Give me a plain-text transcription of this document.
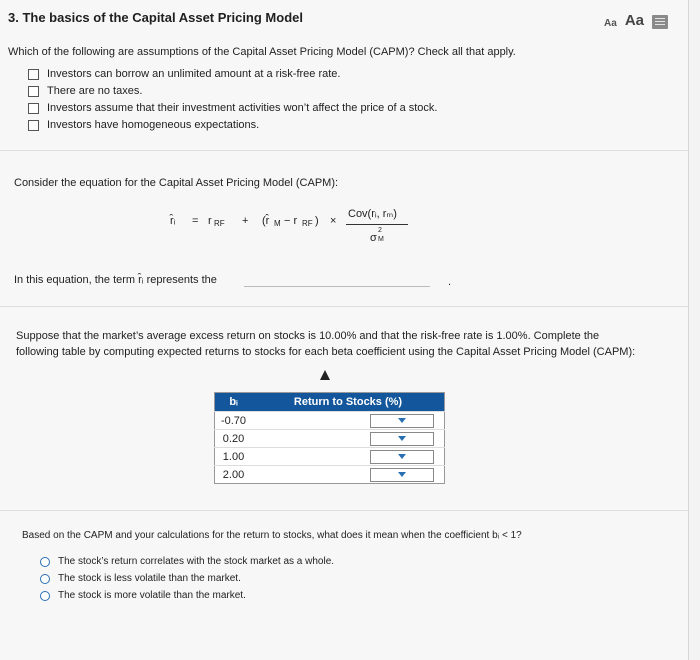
3. The basics of the Capital Asset Pricing Model	Aa Aa
Which of the following are assumptions of the Capital Asset Pricing Model (CAPM)? Check all that apply.
Investors can borrow an unlimited amount at a risk-free rate.
There are no taxes.
Investors assume that their investment activities won’t affect the price of a stock.
Investors have homogeneous expectations.
Consider the equation for the Capital Asset Pricing Model (CAPM):
r̂ᵢ = r RF + (r̂ M − r RF ) ×
Cov(rᵢ, rₘ)
σ
2
M
In this equation, the term r̂ᵢ represents the	.
Suppose that the market’s average excess return on stocks is 10.00% and that the risk-free rate is 1.00%. Complete the following table by computing expected returns to stocks for each beta coefficient using the Capital Asset Pricing Model (CAPM):
bᵢ	Return to Stocks (%)
-0.70	

0.20	

1.00	

2.00	
Based on the CAPM and your calculations for the return to stocks, what does it mean when the coefficient bᵢ < 1?
The stock’s return correlates with the stock market as a whole.
The stock is less volatile than the market.
The stock is more volatile than the market.
